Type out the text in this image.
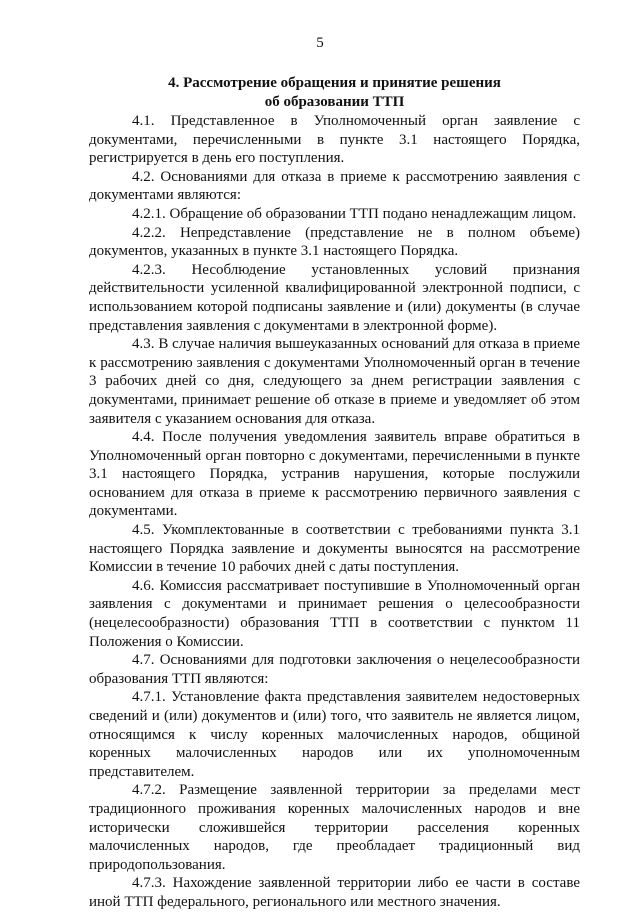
5
4. Рассмотрение обращения и принятие решения
об образовании ТТП

4.1. Представленное в Уполномоченный орган заявление с документами, перечисленными в пункте 3.1 настоящего Порядка, регистрируется в день его поступления.

4.2. Основаниями для отказа в приеме к рассмотрению заявления с документами являются:

4.2.1. Обращение об образовании ТТП подано ненадлежащим лицом.

4.2.2. Непредставление (представление не в полном объеме) документов, указанных в пункте 3.1 настоящего Порядка.

4.2.3. Несоблюдение установленных условий признания действительности усиленной квалифицированной электронной подписи, с использованием которой подписаны заявление и (или) документы (в случае представления заявления с документами в электронной форме).

4.3. В случае наличия вышеуказанных оснований для отказа в приеме к рассмотрению заявления с документами Уполномоченный орган в течение 3 рабочих дней со дня, следующего за днем регистрации заявления с документами, принимает решение об отказе в приеме и уведомляет об этом заявителя с указанием основания для отказа.

4.4. После получения уведомления заявитель вправе обратиться в Уполномоченный орган повторно с документами, перечисленными в пункте 3.1 настоящего Порядка, устранив нарушения, которые послужили основанием для отказа в приеме к рассмотрению первичного заявления с документами.

4.5. Укомплектованные в соответствии с требованиями пункта 3.1 настоящего Порядка заявление и документы выносятся на рассмотрение Комиссии в течение 10 рабочих дней с даты поступления.

4.6. Комиссия рассматривает поступившие в Уполномоченный орган заявления с документами и принимает решения о целесообразности (нецелесообразности) образования ТТП в соответствии с пунктом 11 Положения о Комиссии.

4.7. Основаниями для подготовки заключения о нецелесообразности образования ТТП являются:

4.7.1. Установление факта представления заявителем недостоверных сведений и (или) документов и (или) того, что заявитель не является лицом, относящимся к числу коренных малочисленных народов, общиной коренных малочисленных народов или их уполномоченным представителем.

4.7.2. Размещение заявленной территории за пределами мест традиционного проживания коренных малочисленных народов и вне исторически сложившейся территории расселения коренных малочисленных народов, где преобладает традиционный вид природопользования.

4.7.3. Нахождение заявленной территории либо ее части в составе иной ТТП федерального, регионального или местного значения.
